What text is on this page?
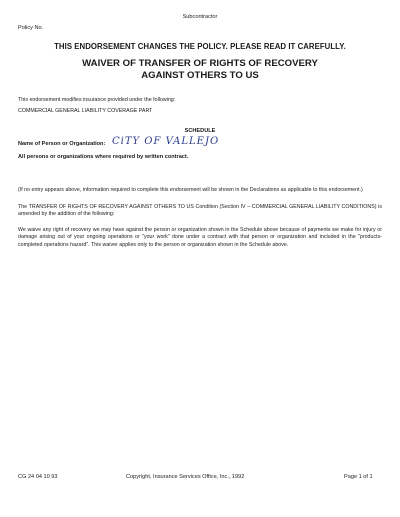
Subcontractor
Policy No.
THIS ENDORSEMENT CHANGES THE POLICY. PLEASE READ IT CAREFULLY.
WAIVER OF TRANSFER OF RIGHTS OF RECOVERY
AGAINST OTHERS TO US
This endorsement modifies insurance provided under the following:
COMMERCIAL GENERAL LIABILITY COVERAGE PART
SCHEDULE
Name of Person or Organization: CiTY OF VALLEJO
All persons or organizations where required by written contract.
(If no entry appears above, information required to complete this endorsement will be shown in the Declarations as applicable to this endorsement.)
The TRANSFER OF RIGHTS OF RECOVERY AGAINST OTHERS TO US Condition (Section IV – COMMERCIAL GENERAL LIABILITY CONDITIONS) is amended by the addition of the following:
We waive any right of recovery we may have against the person or organization shown in the Schedule above because of payments we make for injury or damage arising out of your ongoing operations or "your work" done under a contract with that person or organization and included in the "products-completed operations hazard". This waiver applies only to the person or organization shown in the Schedule above.
CG 24 04 10 93	Copyright, Insurance Services Office, Inc., 1992	Page 1 of 1
